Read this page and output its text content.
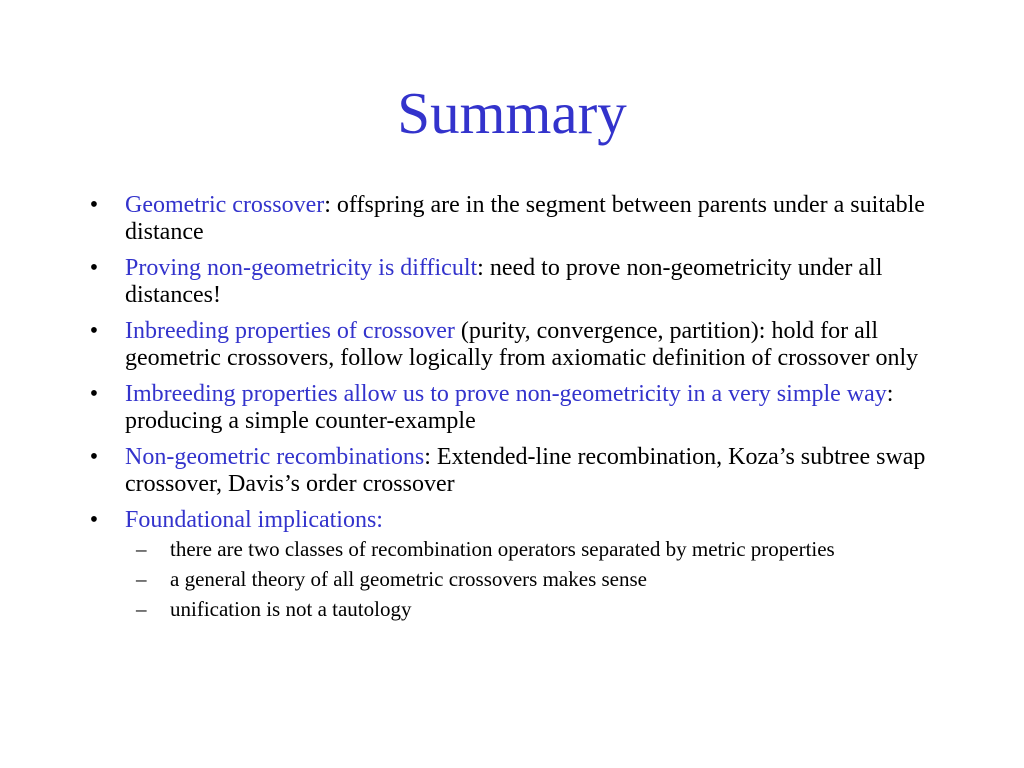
Summary
• Geometric crossover: offspring are in the segment between parents under a suitable distance
• Proving non-geometricity is difficult: need to prove non-geometricity under all distances!
• Inbreeding properties of crossover (purity, convergence, partition): hold for all geometric crossovers, follow logically from axiomatic definition of crossover only
• Imbreeding properties allow us to prove non-geometricity in a very simple way: producing a simple counter-example
• Non-geometric recombinations: Extended-line recombination, Koza’s subtree swap crossover, Davis’s order crossover
• Foundational implications:
– there are two classes of recombination operators separated by metric properties
– a general theory of all geometric crossovers makes sense
– unification is not a tautology
